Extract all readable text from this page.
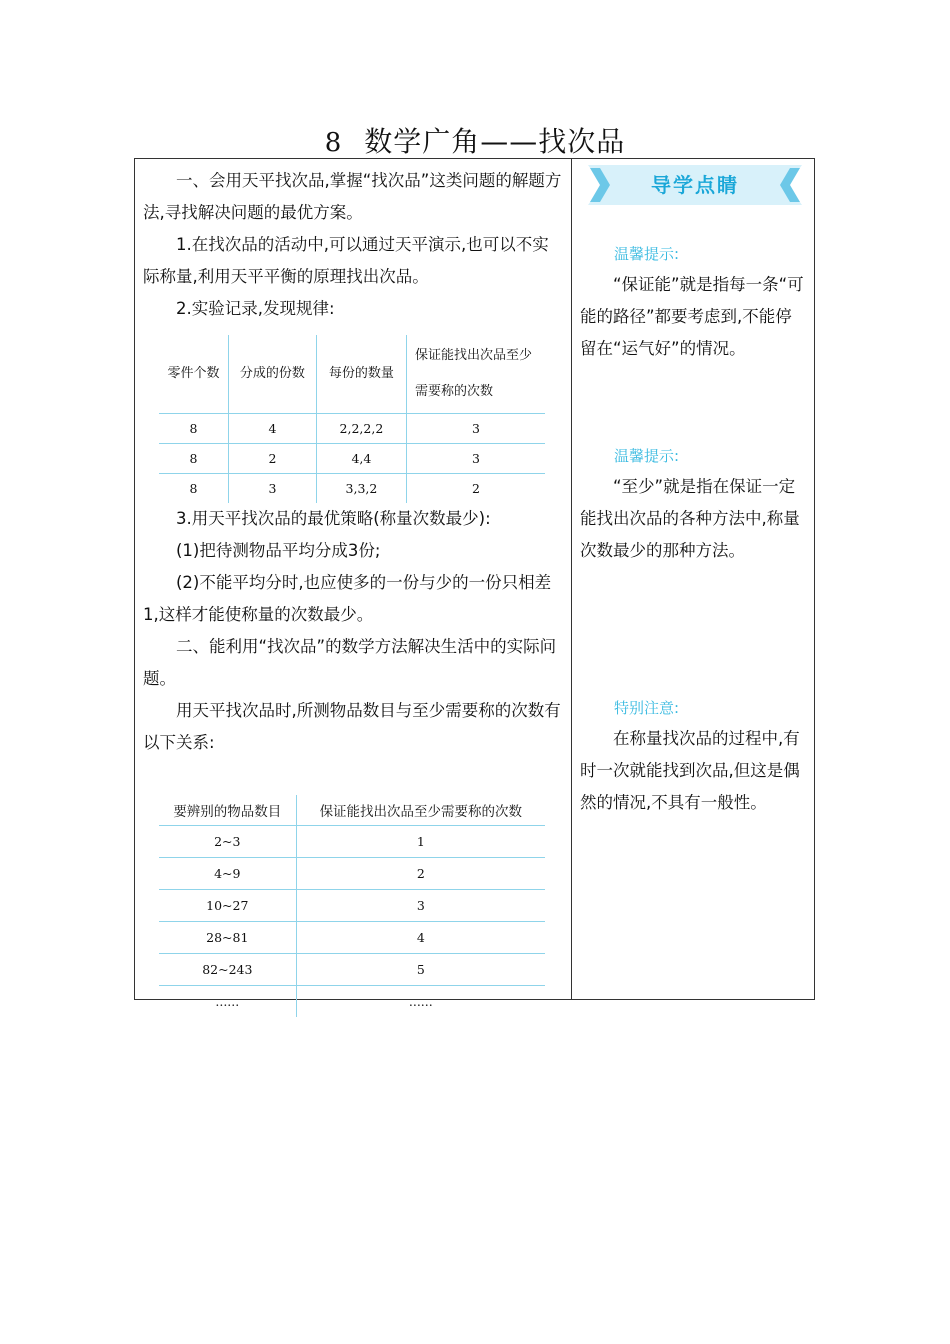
8 数学广角——找次品

一、会用天平找次品,掌握“找次品”这类问题的解题方法,寻找解决问题的最优方案。

1.在找次品的活动中,可以通过天平演示,也可以不实际称量,利用天平平衡的原理找出次品。

2.实验记录,发现规律:

零件个数	分成的份数	每份的数量	保证能找出次品至少需要称的次数
8	4	2,2,2,2	3
8	2	4,4	3
8	3	3,3,2	2

3.用天平找次品的最优策略(称量次数最少):

(1)把待测物品平均分成3份;

(2)不能平均分时,也应使多的一份与少的一份只相差1,这样才能使称量的次数最少。

二、能利用“找次品”的数学方法解决生活中的实际问题。

用天平找次品时,所测物品数目与至少需要称的次数有以下关系:

要辨别的物品数目	保证能找出次品至少需要称的次数
2~3	1
4~9	2
10~27	3
28~81	4
82~243	5
......	......
导学点睛
温馨提示:

“保证能”就是指每一条“可能的路径”都要考虑到,不能停留在“运气好”的情况。

温馨提示:

“至少”就是指在保证一定能找出次品的各种方法中,称量次数最少的那种方法。

特别注意:

在称量找次品的过程中,有时一次就能找到次品,但这是偶然的情况,不具有一般性。
